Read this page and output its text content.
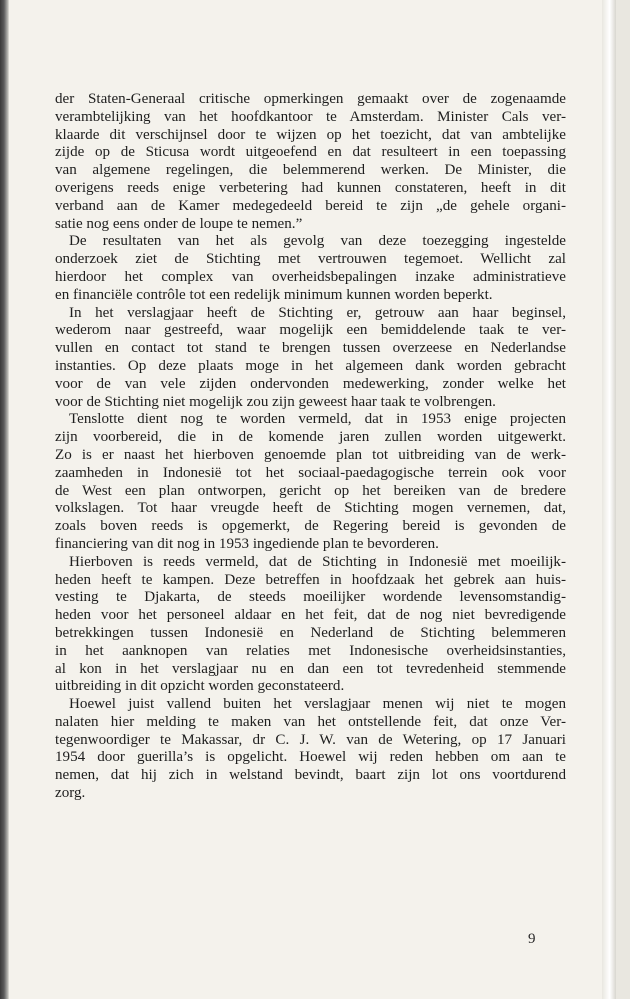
der Staten-Generaal critische opmerkingen gemaakt over de zogenaamde
verambtelijking van het hoofdkantoor te Amsterdam. Minister Cals ver-
klaarde dit verschijnsel door te wijzen op het toezicht, dat van ambtelijke
zijde op de Sticusa wordt uitgeoefend en dat resulteert in een toepassing
van algemene regelingen, die belemmerend werken. De Minister, die
overigens reeds enige verbetering had kunnen constateren, heeft in dit
verband aan de Kamer medegedeeld bereid te zijn „de gehele organi-
satie nog eens onder de loupe te nemen.”
De resultaten van het als gevolg van deze toezegging ingestelde
onderzoek ziet de Stichting met vertrouwen tegemoet. Wellicht zal
hierdoor het complex van overheidsbepalingen inzake administratieve
en financiële contrôle tot een redelijk minimum kunnen worden beperkt.
In het verslagjaar heeft de Stichting er, getrouw aan haar beginsel,
wederom naar gestreefd, waar mogelijk een bemiddelende taak te ver-
vullen en contact tot stand te brengen tussen overzeese en Nederlandse
instanties. Op deze plaats moge in het algemeen dank worden gebracht
voor de van vele zijden ondervonden medewerking, zonder welke het
voor de Stichting niet mogelijk zou zijn geweest haar taak te volbrengen.
Tenslotte dient nog te worden vermeld, dat in 1953 enige projecten
zijn voorbereid, die in de komende jaren zullen worden uitgewerkt.
Zo is er naast het hierboven genoemde plan tot uitbreiding van de werk-
zaamheden in Indonesië tot het sociaal-paedagogische terrein ook voor
de West een plan ontworpen, gericht op het bereiken van de bredere
volkslagen. Tot haar vreugde heeft de Stichting mogen vernemen, dat,
zoals boven reeds is opgemerkt, de Regering bereid is gevonden de
financiering van dit nog in 1953 ingediende plan te bevorderen.
Hierboven is reeds vermeld, dat de Stichting in Indonesië met moeilijk-
heden heeft te kampen. Deze betreffen in hoofdzaak het gebrek aan huis-
vesting te Djakarta, de steeds moeilijker wordende levensomstandig-
heden voor het personeel aldaar en het feit, dat de nog niet bevredigende
betrekkingen tussen Indonesië en Nederland de Stichting belemmeren
in het aanknopen van relaties met Indonesische overheidsinstanties,
al kon in het verslagjaar nu en dan een tot tevredenheid stemmende
uitbreiding in dit opzicht worden geconstateerd.
Hoewel juist vallend buiten het verslagjaar menen wij niet te mogen
nalaten hier melding te maken van het ontstellende feit, dat onze Ver-
tegenwoordiger te Makassar, dr C. J. W. van de Wetering, op 17 Januari
1954 door guerilla’s is opgelicht. Hoewel wij reden hebben om aan te
nemen, dat hij zich in welstand bevindt, baart zijn lot ons voortdurend
zorg.
9
